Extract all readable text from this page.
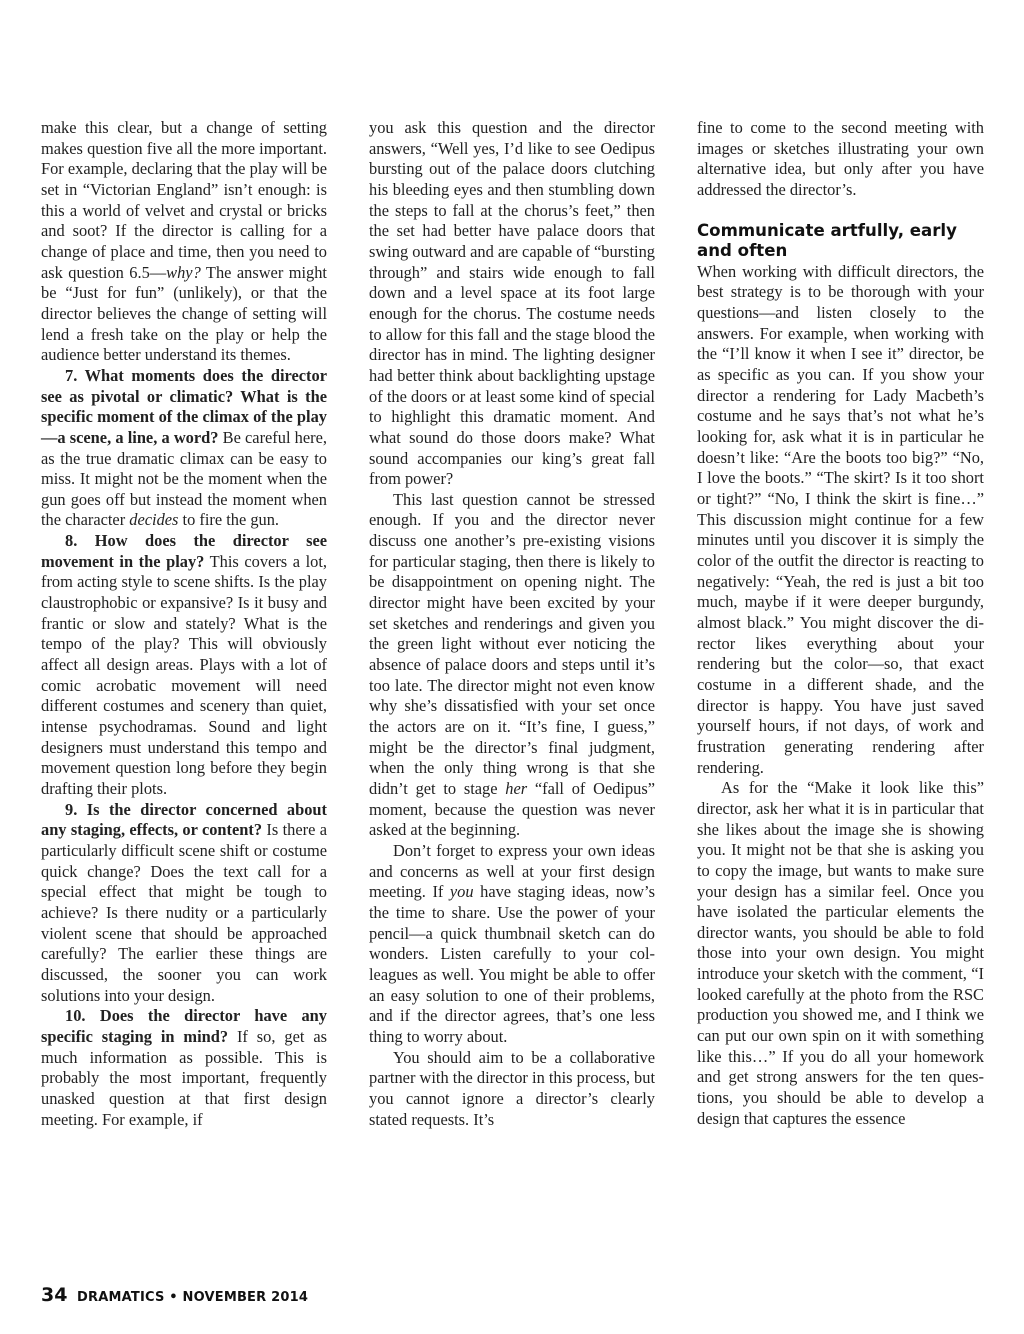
make this clear, but a change of setting makes question five all the more important. For example, declaring that the play will be set in “Victorian England” isn’t enough: is this a world of velvet and crystal or bricks and soot? If the director is calling for a change of place and time, then you need to ask question 6.5—why? The answer might be “Just for fun” (unlikely), or that the director believes the change of setting will lend a fresh take on the play or help the audience better understand its themes.

7. What moments does the director see as pivotal or climatic? What is the specific moment of the climax of the play—a scene, a line, a word? Be careful here, as the true dramatic climax can be easy to miss. It might not be the moment when the gun goes off but instead the moment when the character decides to fire the gun.

8. How does the director see movement in the play? This covers a lot, from acting style to scene shifts. Is the play claustrophobic or expansive? Is it busy and frantic or slow and stately? What is the tempo of the play? This will obviously affect all design areas. Plays with a lot of comic acrobatic movement will need different costumes and scenery than quiet, intense psychodramas. Sound and light designers must understand this tempo and movement question long before they begin drafting their plots.

9. Is the director concerned about any staging, effects, or content? Is there a particularly difficult scene shift or costume quick change? Does the text call for a special effect that might be tough to achieve? Is there nudity or a particularly violent scene that should be approached carefully? The earlier these things are discussed, the sooner you can work solutions into your design.

10. Does the director have any specific staging in mind? If so, get as much information as possible. This is probably the most important, frequently unasked question at that first design meeting. For example, if

you ask this question and the director answers, “Well yes, I’d like to see Oedipus bursting out of the palace doors clutching his bleeding eyes and then stumbling down the steps to fall at the chorus’s feet,” then the set had better have palace doors that swing outward and are capable of “bursting through” and stairs wide enough to fall down and a level space at its foot large enough for the chorus. The costume needs to allow for this fall and the stage blood the director has in mind. The lighting designer had better think about backlighting upstage of the doors or at least some kind of special to highlight this dramatic moment. And what sound do those doors make? What sound accompanies our king’s great fall from power?

This last question cannot be stressed enough. If you and the director never discuss one another’s pre-existing visions for particular staging, then there is likely to be disappointment on opening night. The director might have been excited by your set sketches and renderings and given you the green light without ever noticing the absence of palace doors and steps until it’s too late. The director might not even know why she’s dissatisfied with your set once the actors are on it. “It’s fine, I guess,” might be the director’s final judgment, when the only thing wrong is that she didn’t get to stage her “fall of Oedipus” moment, because the question was never asked at the beginning.

Don’t forget to express your own ideas and concerns as well at your first design meeting. If you have staging ideas, now’s the time to share. Use the power of your pencil—a quick thumbnail sketch can do wonders. Listen carefully to your colleagues as well. You might be able to offer an easy solution to one of their problems, and if the director agrees, that’s one less thing to worry about.

You should aim to be a collaborative partner with the director in this process, but you cannot ignore a director’s clearly stated requests. It’s

fine to come to the second meeting with images or sketches illustrating your own alternative idea, but only after you have addressed the director’s.

Communicate artfully, early and often

When working with difficult directors, the best strategy is to be thorough with your questions—and listen closely to the answers. For example, when working with the “I’ll know it when I see it” director, be as specific as you can. If you show your director a rendering for Lady Macbeth’s costume and he says that’s not what he’s looking for, ask what it is in particular he doesn’t like: “Are the boots too big?” “No, I love the boots.” “The skirt? Is it too short or tight?” “No, I think the skirt is fine…” This discussion might continue for a few minutes until you discover it is simply the color of the outfit the director is reacting to negatively: “Yeah, the red is just a bit too much, maybe if it were deeper burgundy, almost black.” You might discover the director likes everything about your rendering but the color—so, that exact costume in a different shade, and the director is happy. You have just saved yourself hours, if not days, of work and frustration generating rendering after rendering.

As for the “Make it look like this” director, ask her what it is in particular that she likes about the image she is showing you. It might not be that she is asking you to copy the image, but wants to make sure your design has a similar feel. Once you have isolated the particular elements the director wants, you should be able to fold those into your own design. You might introduce your sketch with the comment, “I looked carefully at the photo from the RSC production you showed me, and I think we can put our own spin on it with something like this…” If you do all your homework and get strong answers for the ten questions, you should be able to develop a design that captures the essence

34 DRAMATICS • NOVEMBER 2014
